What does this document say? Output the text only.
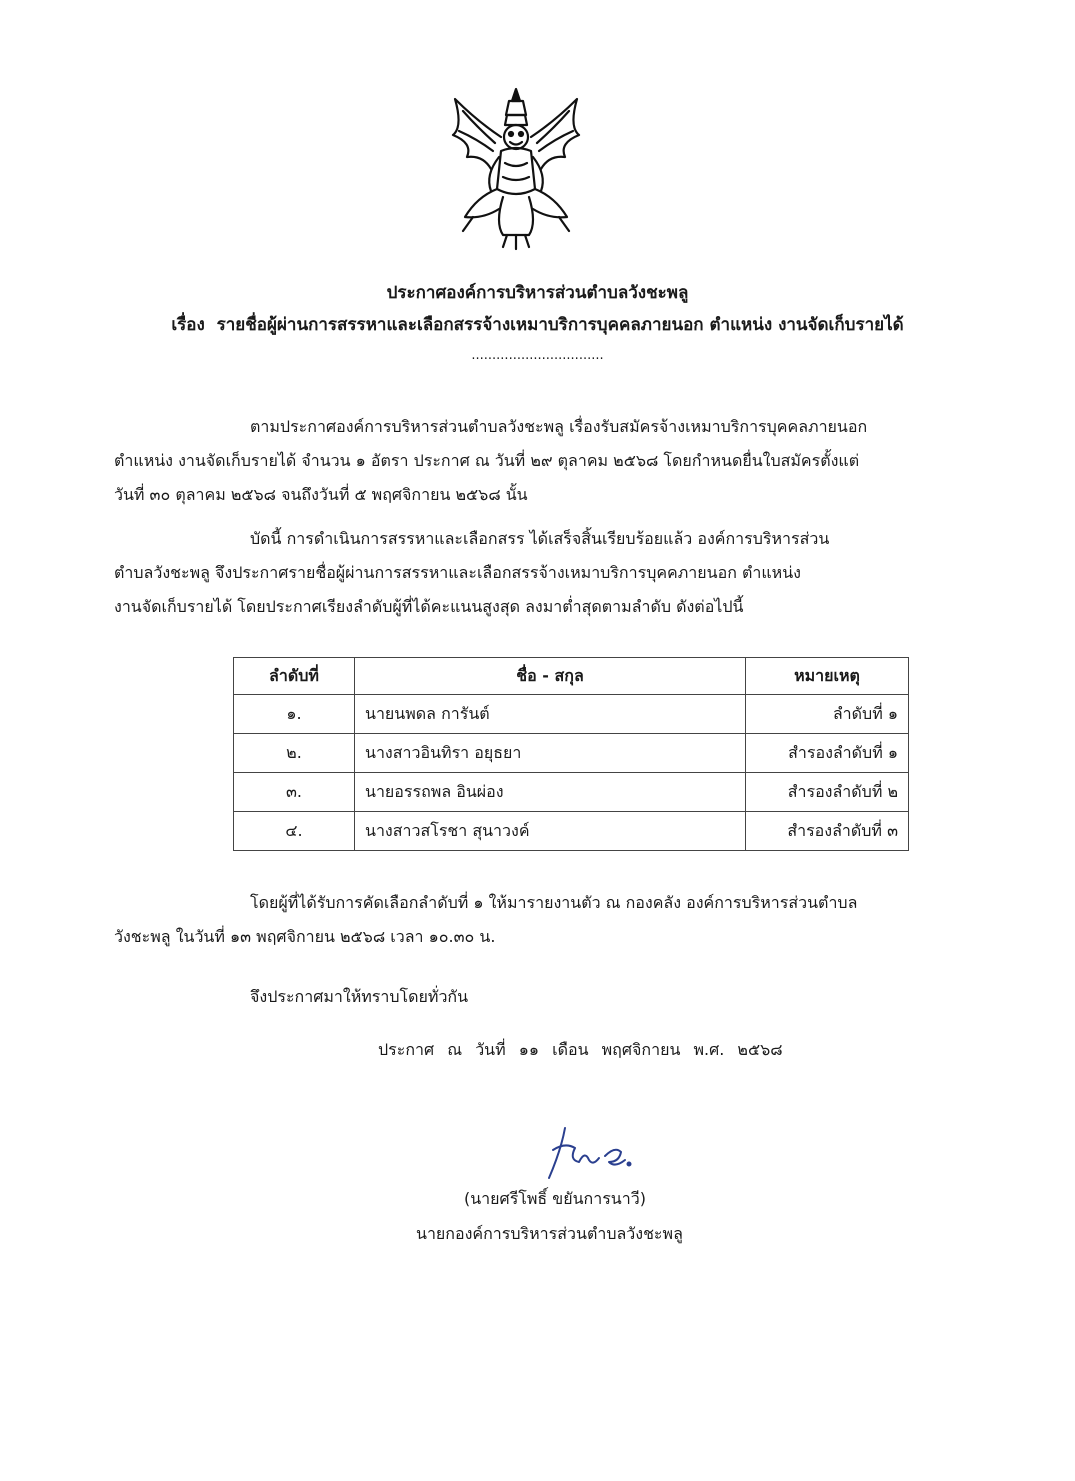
ประกาศองค์การบริหารส่วนตำบลวังชะพลู
เรื่อง รายชื่อผู้ผ่านการสรรหาและเลือกสรรจ้างเหมาบริการบุคคลภายนอก ตำแหน่ง งานจัดเก็บรายได้
................................
ตามประกาศองค์การบริหารส่วนตำบลวังชะพลู เรื่องรับสมัครจ้างเหมาบริการบุคคลภายนอก
ตำแหน่ง งานจัดเก็บรายได้ จำนวน ๑ อัตรา ประกาศ ณ วันที่ ๒๙ ตุลาคม ๒๕๖๘ โดยกำหนดยื่นใบสมัครตั้งแต่
วันที่ ๓๐ ตุลาคม ๒๕๖๘ จนถึงวันที่ ๕ พฤศจิกายน ๒๕๖๘ นั้น
บัดนี้ การดำเนินการสรรหาและเลือกสรร ได้เสร็จสิ้นเรียบร้อยแล้ว องค์การบริหารส่วน
ตำบลวังชะพลู จึงประกาศรายชื่อผู้ผ่านการสรรหาและเลือกสรรจ้างเหมาบริการบุคคภายนอก ตำแหน่ง
งานจัดเก็บรายได้ โดยประกาศเรียงลำดับผู้ที่ได้คะแนนสูงสุด ลงมาต่ำสุดตามลำดับ ดังต่อไปนี้
ลำดับที่	ชื่อ - สกุล	หมายเหตุ
๑.	นายนพดล การันต์	ลำดับที่ ๑
๒.	นางสาวอินทิรา อยุธยา	สำรองลำดับที่ ๑
๓.	นายอรรถพล อินผ่อง	สำรองลำดับที่ ๒
๔.	นางสาวสโรชา สุนาวงค์	สำรองลำดับที่ ๓
โดยผู้ที่ได้รับการคัดเลือกลำดับที่ ๑ ให้มารายงานตัว ณ กองคลัง องค์การบริหารส่วนตำบล
วังชะพลู ในวันที่ ๑๓ พฤศจิกายน ๒๕๖๘ เวลา ๑๐.๓๐ น.
จึงประกาศมาให้ทราบโดยทั่วกัน
ประกาศ ณ วันที่ ๑๑ เดือน พฤศจิกายน พ.ศ. ๒๕๖๘
(นายศรีโพธิ์ ขยันการนาวี)
นายกองค์การบริหารส่วนตำบลวังชะพลู
